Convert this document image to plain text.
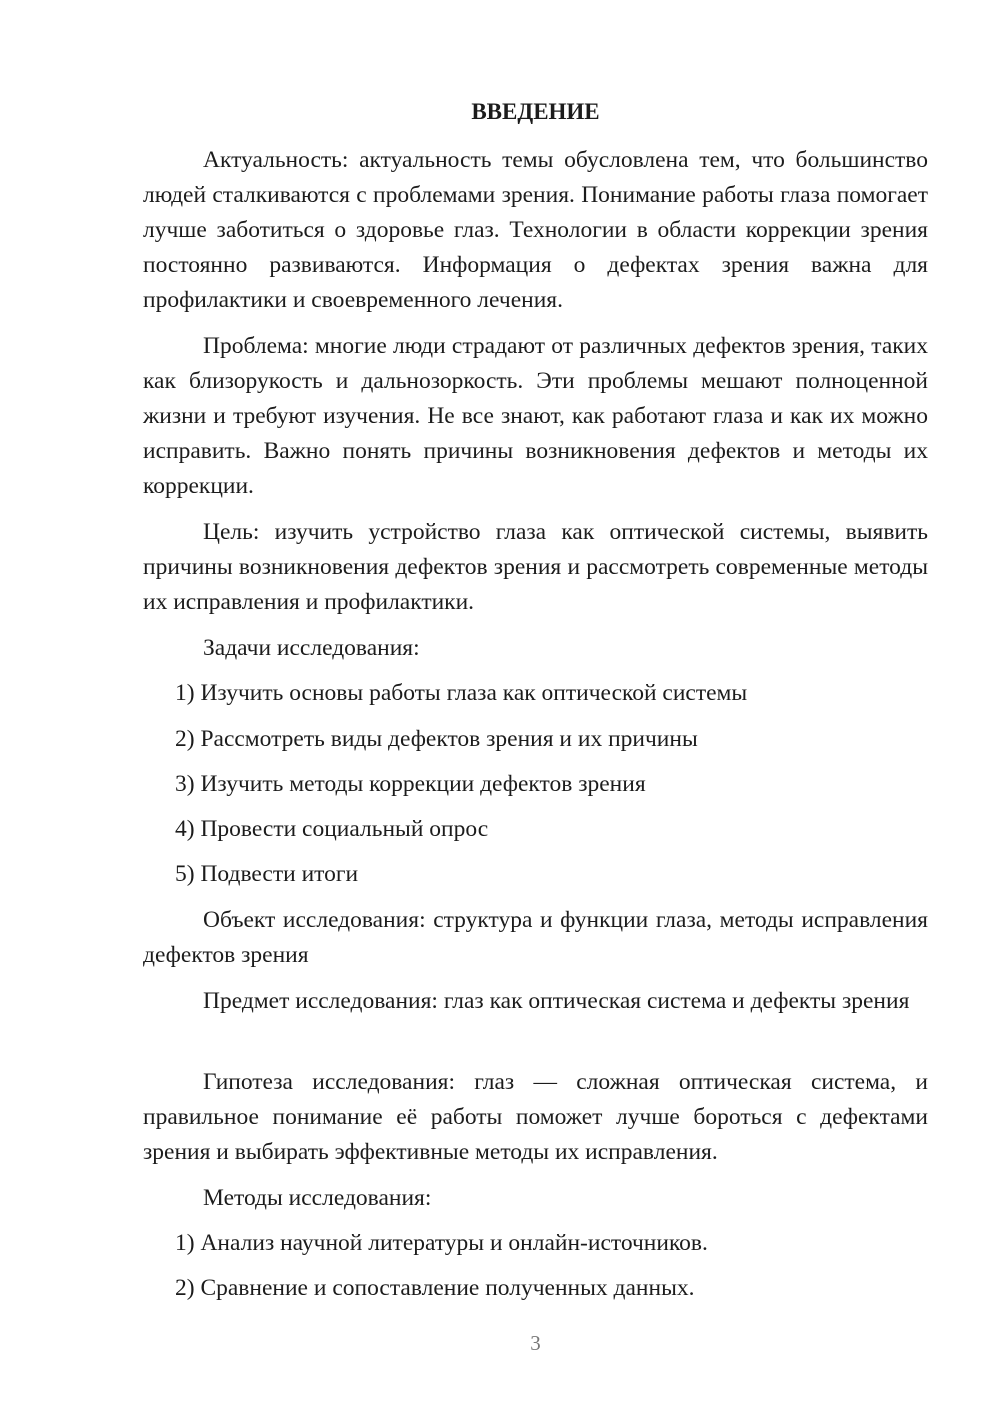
ВВЕДЕНИЕ

Актуальность: актуальность темы обусловлена тем, что большинство людей сталкиваются с проблемами зрения. Понимание работы глаза помогает лучше заботиться о здоровье глаз. Технологии в области коррекции зрения постоянно развиваются. Информация о дефектах зрения важна для профилактики и своевременного лечения.

Проблема: многие люди страдают от различных дефектов зрения, таких как близорукость и дальнозоркость. Эти проблемы мешают полноценной жизни и требуют изучения. Не все знают, как работают глаза и как их можно исправить. Важно понять причины возникновения дефектов и методы их коррекции.

Цель: изучить устройство глаза как оптической системы, выявить причины возникновения дефектов зрения и рассмотреть современные методы их исправления и профилактики.

Задачи исследования:

1) Изучить основы работы глаза как оптической системы

2) Рассмотреть виды дефектов зрения и их причины

3) Изучить методы коррекции дефектов зрения

4) Провести социальный опрос

5) Подвести итоги

Объект исследования: структура и функции глаза, методы исправления дефектов зрения

Предмет исследования: глаз как оптическая система и дефекты зрения

Гипотеза исследования: глаз — сложная оптическая система, и правильное понимание её работы поможет лучше бороться с дефектами зрения и выбирать эффективные методы их исправления.

Методы исследования:

1) Анализ научной литературы и онлайн-источников.

2) Сравнение и сопоставление полученных данных.

3
